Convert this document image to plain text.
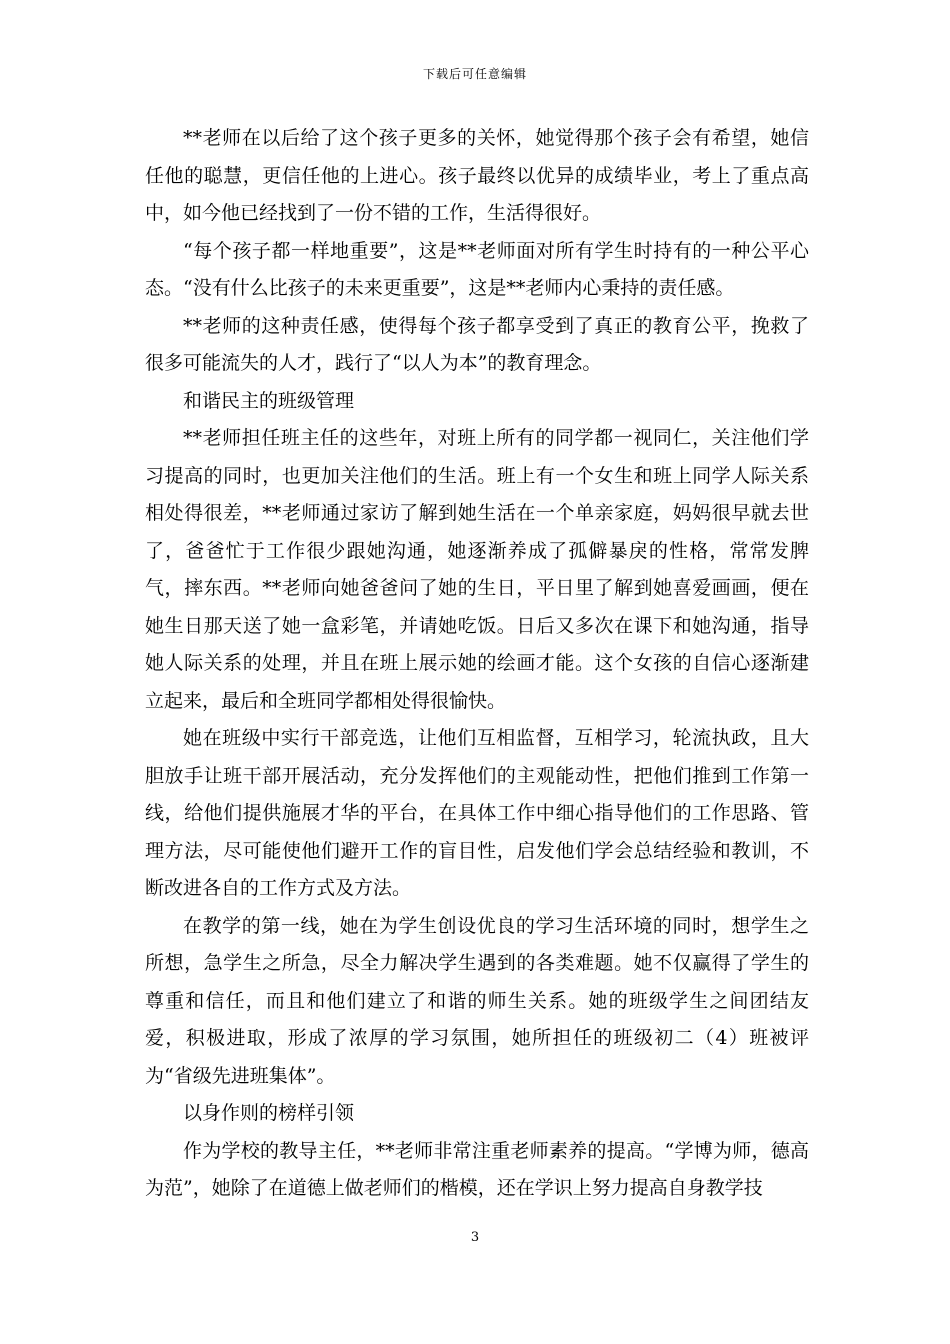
下载后可任意编辑

**老师在以后给了这个孩子更多的关怀，她觉得那个孩子会有希望，她信任他的聪慧，更信任他的上进心。孩子最终以优异的成绩毕业，考上了重点高中，如今他已经找到了一份不错的工作，生活得很好。

“每个孩子都一样地重要”，这是**老师面对所有学生时持有的一种公平心态。“没有什么比孩子的未来更重要”，这是**老师内心秉持的责任感。

**老师的这种责任感，使得每个孩子都享受到了真正的教育公平，挽救了很多可能流失的人才，践行了“以人为本”的教育理念。

和谐民主的班级管理

**老师担任班主任的这些年，对班上所有的同学都一视同仁，关注他们学习提高的同时，也更加关注他们的生活。班上有一个女生和班上同学人际关系相处得很差，**老师通过家访了解到她生活在一个单亲家庭，妈妈很早就去世了，爸爸忙于工作很少跟她沟通，她逐渐养成了孤僻暴戾的性格，常常发脾气，摔东西。**老师向她爸爸问了她的生日，平日里了解到她喜爱画画，便在她生日那天送了她一盒彩笔，并请她吃饭。日后又多次在课下和她沟通，指导她人际关系的处理，并且在班上展示她的绘画才能。这个女孩的自信心逐渐建立起来，最后和全班同学都相处得很愉快。

她在班级中实行干部竞选，让他们互相监督，互相学习，轮流执政，且大胆放手让班干部开展活动，充分发挥他们的主观能动性，把他们推到工作第一线，给他们提供施展才华的平台，在具体工作中细心指导他们的工作思路、管理方法，尽可能使他们避开工作的盲目性，启发他们学会总结经验和教训，不断改进各自的工作方式及方法。

在教学的第一线，她在为学生创设优良的学习生活环境的同时，想学生之所想，急学生之所急，尽全力解决学生遇到的各类难题。她不仅赢得了学生的尊重和信任，而且和他们建立了和谐的师生关系。她的班级学生之间团结友爱，积极进取，形成了浓厚的学习氛围，她所担任的班级初二（4）班被评为“省级先进班集体”。

以身作则的榜样引领

作为学校的教导主任，**老师非常注重老师素养的提高。“学博为师，德高为范”，她除了在道德上做老师们的楷模，还在学识上努力提高自身教学技

3
